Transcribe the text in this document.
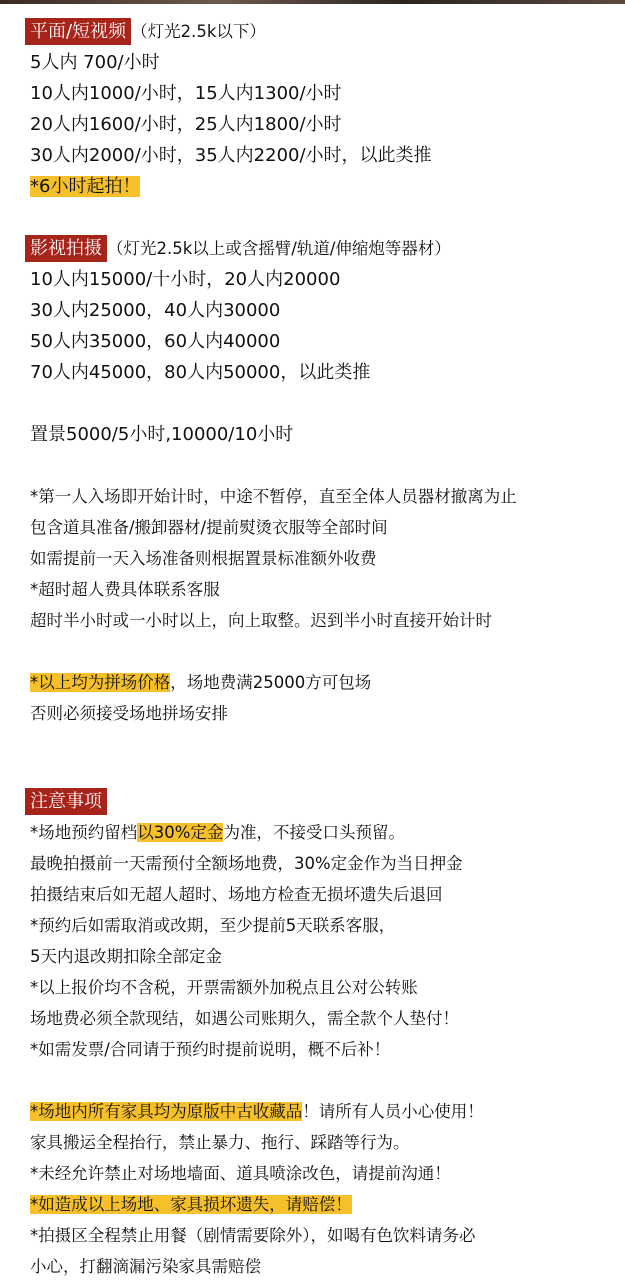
平面/短视频 （灯光2.5k以下）
5人内 700/小时
10人内1000/小时，15人内1300/小时
20人内1600/小时，25人内1800/小时
30人内2000/小时，35人内2200/小时，以此类推
*6小时起拍！
影视拍摄 （灯光2.5k以上或含摇臂/轨道/伸缩炮等器材）
10人内15000/十小时，20人内20000
30人内25000，40人内30000
50人内35000，60人内40000
70人内45000，80人内50000，以此类推
置景5000/5小时,10000/10小时
*第一人入场即开始计时，中途不暂停，直至全体人员器材撤离为止
包含道具准备/搬卸器材/提前熨烫衣服等全部时间
如需提前一天入场准备则根据置景标准额外收费
*超时超人费具体联系客服
超时半小时或一小时以上，向上取整。迟到半小时直接开始计时
*以上均为拼场价格，场地费满25000方可包场
否则必须接受场地拼场安排
注意事项
*场地预约留档以30%定金为准，不接受口头预留。
最晚拍摄前一天需预付全额场地费，30%定金作为当日押金
拍摄结束后如无超人超时、场地方检查无损坏遗失后退回
*预约后如需取消或改期，至少提前5天联系客服，
5天内退改期扣除全部定金
*以上报价均不含税，开票需额外加税点且公对公转账
场地费必须全款现结，如遇公司账期久，需全款个人垫付！
*如需发票/合同请于预约时提前说明，概不后补！
*场地内所有家具均为原版中古收藏品！请所有人员小心使用！
家具搬运全程抬行，禁止暴力、拖行、踩踏等行为。
*未经允许禁止对场地墙面、道具喷涂改色，请提前沟通！
*如造成以上场地、家具损坏遗失，请赔偿！
*拍摄区全程禁止用餐（剧情需要除外），如喝有色饮料请务必
小心，打翻滴漏污染家具需赔偿
